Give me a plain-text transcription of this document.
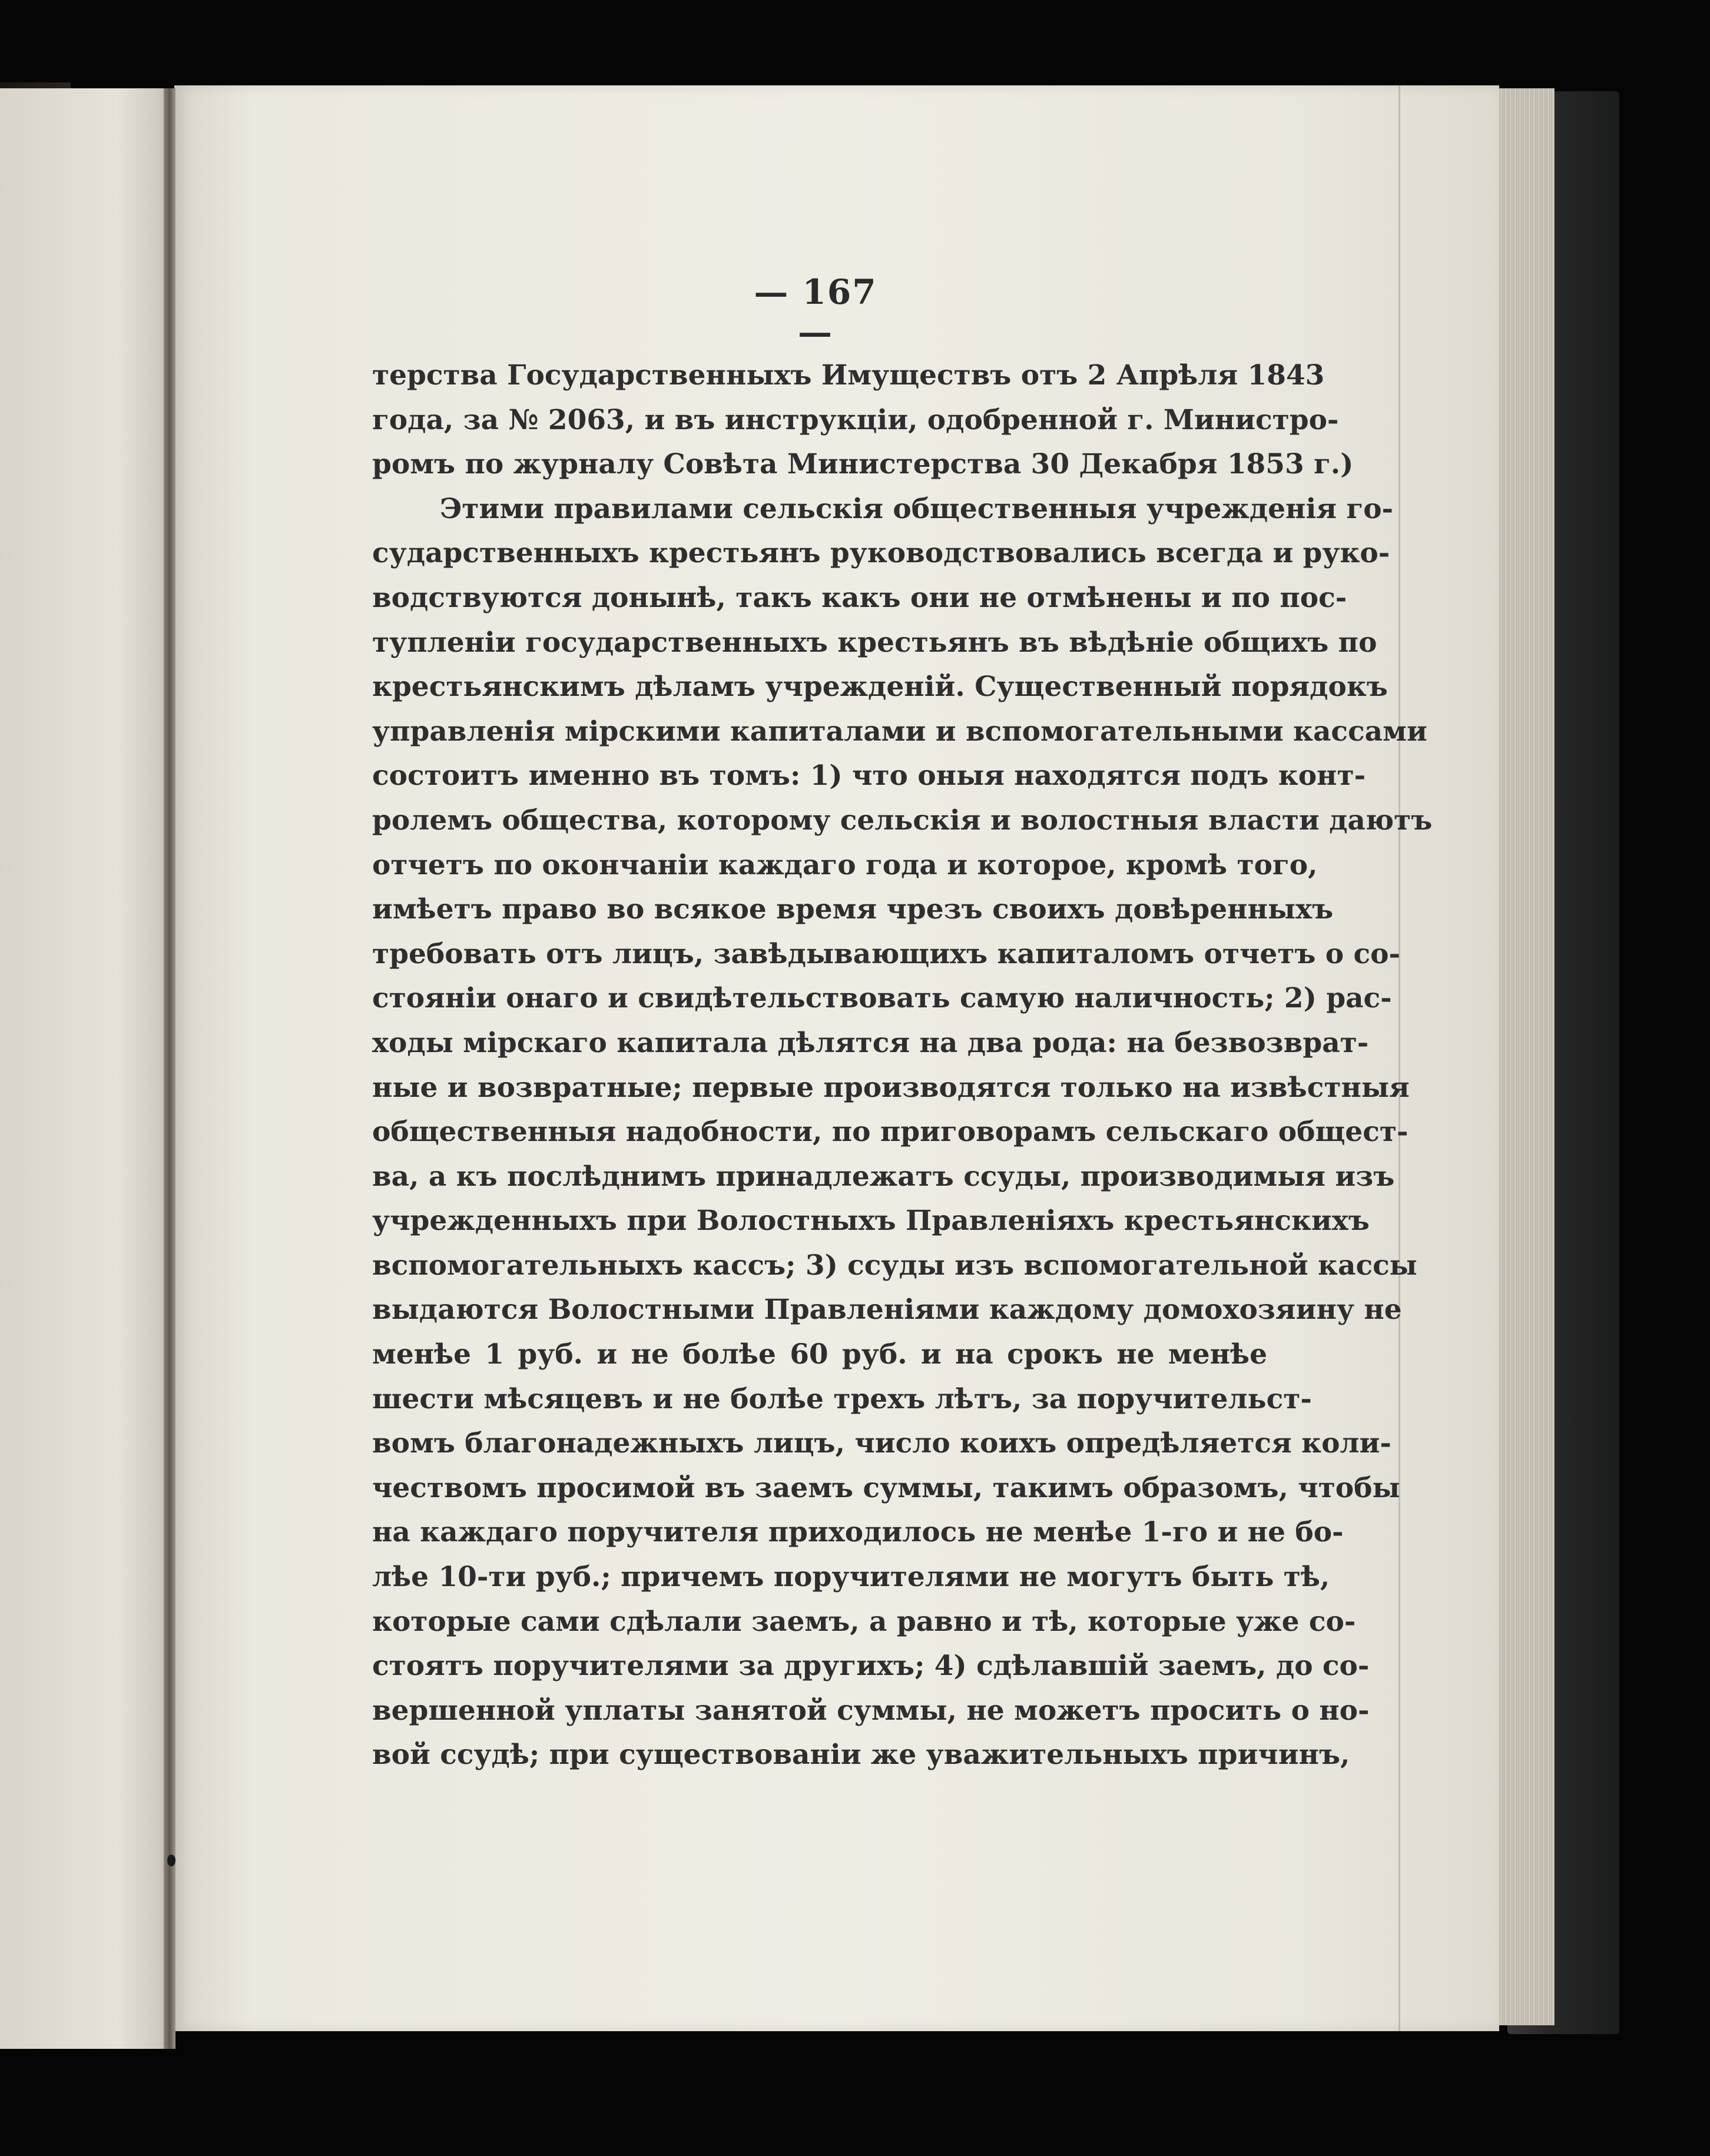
— 167 —
терства Государственныхъ Имуществъ отъ 2 Апрѣля 1843
года, за № 2063, и въ инструкціи, одобренной г. Министро-
ромъ по журналу Совѣта Министерства 30 Декабря 1853 г.)
Этими правилами сельскія общественныя учрежденія го-
сударственныхъ крестьянъ руководствовались всегда и руко-
водствуются донынѣ, такъ какъ они не отмѣнены и по пос-
тупленіи государственныхъ крестьянъ въ вѣдѣніе общихъ по
крестьянскимъ дѣламъ учрежденій. Существенный порядокъ
управленія мірскими капиталами и вспомогательными кассами
состоитъ именно въ томъ: 1) что оныя находятся подъ конт-
ролемъ общества, которому сельскія и волостныя власти даютъ
отчетъ по окончаніи каждаго года и которое, кромѣ того,
имѣетъ право во всякое время чрезъ своихъ довѣренныхъ
требовать отъ лицъ, завѣдывающихъ капиталомъ отчетъ о со-
стояніи онаго и свидѣтельствовать самую наличность; 2) рас-
ходы мірскаго капитала дѣлятся на два рода: на безвозврат-
ные и возвратные; первые производятся только на извѣстныя
общественныя надобности, по приговорамъ сельскаго общест-
ва, а къ послѣднимъ принадлежатъ ссуды, производимыя изъ
учрежденныхъ при Волостныхъ Правленіяхъ крестьянскихъ
вспомогательныхъ кассъ; 3) ссуды изъ вспомогательной кассы
выдаются Волостными Правленіями каждому домохозяину не
менѣе 1 руб. и не болѣе 60 руб. и на срокъ не менѣе
шести мѣсяцевъ и не болѣе трехъ лѣтъ, за поручительст-
вомъ благонадежныхъ лицъ, число коихъ опредѣляется коли-
чествомъ просимой въ заемъ суммы, такимъ образомъ, чтобы
на каждаго поручителя приходилось не менѣе 1-го и не бо-
лѣе 10-ти руб.; причемъ поручителями не могутъ быть тѣ,
которые сами сдѣлали заемъ, а равно и тѣ, которые уже со-
стоятъ поручителями за другихъ; 4) сдѣлавшій заемъ, до со-
вершенной уплаты занятой суммы, не можетъ просить о но-
вой ссудѣ; при существованіи же уважительныхъ причинъ,
